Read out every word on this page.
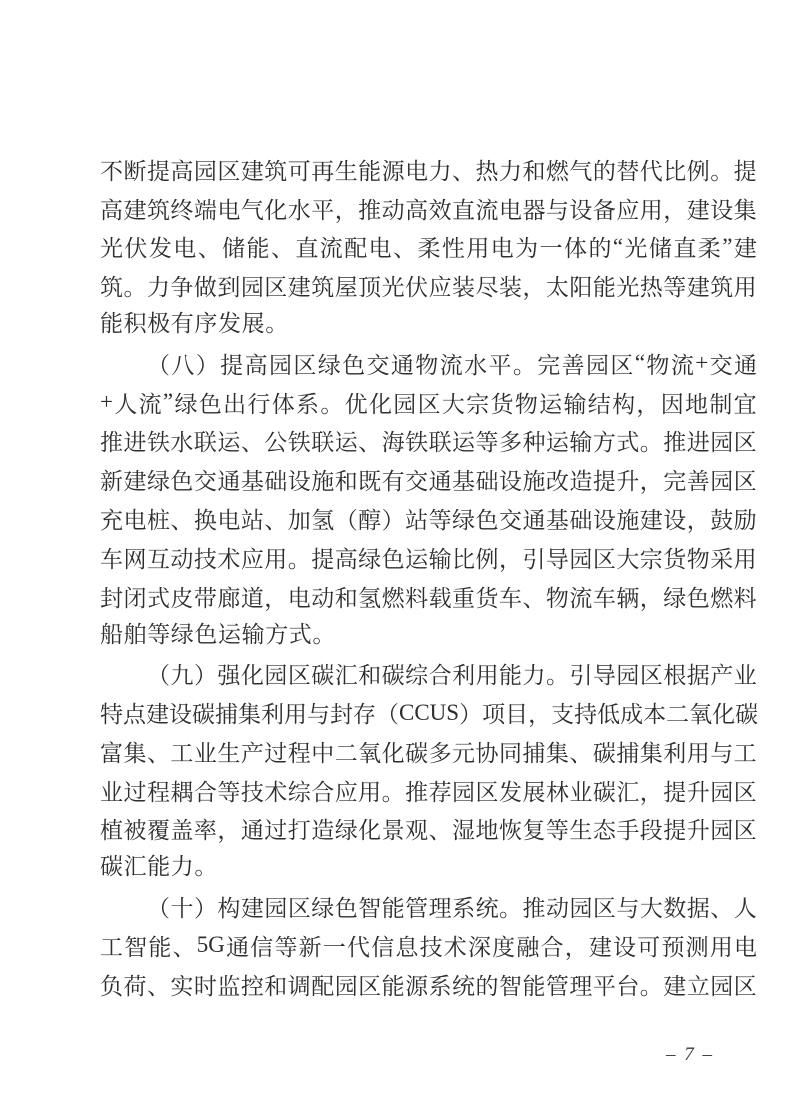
不 断 提 高 园 区 建 筑 可 再 生 能 源 电 力 、 热 力 和 燃 气 的 替 代 比 例 。 提
高 建 筑 终 端 电 气 化 水 平 ， 推 动 高 效 直 流 电 器 与 设 备 应 用 ， 建 设 集
光 伏 发 电 、 储 能 、 直 流 配 电 、 柔 性 用 电 为 一 体 的 “ 光 储 直 柔 ” 建
筑 。 力 争 做 到 园 区 建 筑 屋 顶 光 伏 应 装 尽 装 ， 太 阳 能 光 热 等 建 筑 用
能积极有序发展。
（ 八 ） 提 高 园 区 绿 色 交 通 物 流 水 平 。 完 善 园 区 “ 物 流 + 交 通
+ 人 流 ” 绿 色 出 行 体 系 。 优 化 园 区 大 宗 货 物 运 输 结 构 ， 因 地 制 宜
推 进 铁 水 联 运 、 公 铁 联 运 、 海 铁 联 运 等 多 种 运 输 方 式 。 推 进 园 区
新 建 绿 色 交 通 基 础 设 施 和 既 有 交 通 基 础 设 施 改 造 提 升 ， 完 善 园 区
充 电 桩 、 换 电 站 、 加 氢 （ 醇 ） 站 等 绿 色 交 通 基 础 设 施 建 设 ， 鼓 励
车 网 互 动 技 术 应 用 。 提 高 绿 色 运 输 比 例 ， 引 导 园 区 大 宗 货 物 采 用
封 闭 式 皮 带 廊 道 ， 电 动 和 氢 燃 料 载 重 货 车 、 物 流 车 辆 ， 绿 色 燃 料
船舶等绿色运输方式。
（ 九 ） 强 化 园 区 碳 汇 和 碳 综 合 利 用 能 力 。 引 导 园 区 根 据 产 业
特 点 建 设 碳 捕 集 利 用 与 封 存 （ CCUS ） 项 目 ， 支 持 低 成 本 二 氧 化 碳
富 集 、 工 业 生 产 过 程 中 二 氧 化 碳 多 元 协 同 捕 集 、 碳 捕 集 利 用 与 工
业 过 程 耦 合 等 技 术 综 合 应 用 。 推 荐 园 区 发 展 林 业 碳 汇 ， 提 升 园 区
植 被 覆 盖 率 ， 通 过 打 造 绿 化 景 观 、 湿 地 恢 复 等 生 态 手 段 提 升 园 区
碳汇能力。
（ 十 ） 构 建 园 区 绿 色 智 能 管 理 系 统 。 推 动 园 区 与 大 数 据 、 人
工 智 能 、 5G 通 信 等 新 一 代 信 息 技 术 深 度 融 合 ， 建 设 可 预 测 用 电
负 荷 、 实 时 监 控 和 调 配 园 区 能 源 系 统 的 智 能 管 理 平 台 。 建 立 园 区
– 7 –
